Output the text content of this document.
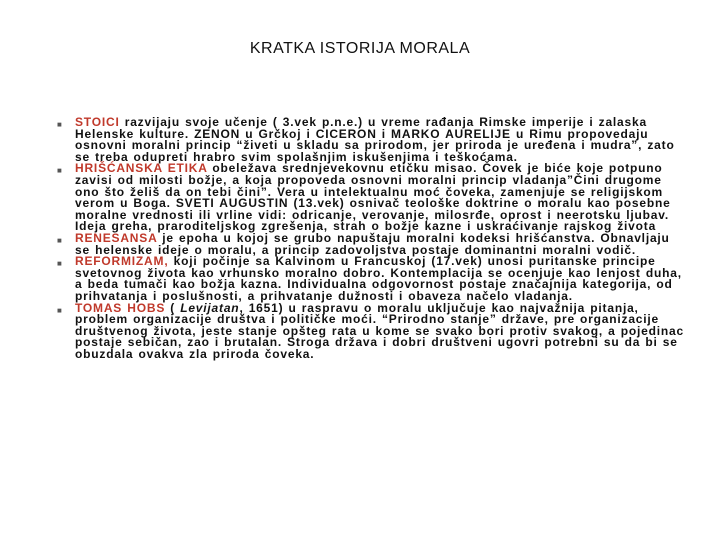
KRATKA ISTORIJA MORALA
■ STOICI razvijaju svoje učenje ( 3.vek p.n.e.) u vreme rađanja Rimske imperije i zalaska Helenske kulture. ZENON u Grčkoj i CICERON i MARKO AURELIJE u Rimu propovedaju osnovni moralni princip “živeti u skladu sa prirodom, jer priroda je uređena i mudra”, zato se treba odupreti hrabro svim spolašnjim iskušenjima i teškoćama.
■ HRIŠĆANSKA ETIKA obeležava srednjevekovnu etičku misao. Čovek je biće koje potpuno zavisi od milosti božje, a koja propoveda osnovni moralni princip vladanja”Čini drugome ono što želiš da on tebi čini”. Vera u intelektualnu moć čoveka, zamenjuje se religijskom verom u Boga. SVETI AUGUSTIN (13.vek) osnivač teološke doktrine o moralu kao posebne moralne vrednosti ili vrline vidi: odricanje, verovanje, milosrđe, oprost i neerotsku ljubav. Ideja greha, praroditeljskog zgrešenja, strah o božje kazne i uskraćivanje rajskog života
■ RENESANSA je epoha u kojoj se grubo napuštaju moralni kodeksi hrišćanstva. Obnavljaju se helenske ideje o moralu, a princip zadovoljstva postaje dominantni moralni vodič.
■ REFORMIZAM, koji počinje sa Kalvinom u Francuskoj (17.vek) unosi puritanske principe svetovnog života kao vrhunsko moralno dobro. Kontemplacija se ocenjuje kao lenjost duha, a beda tumači kao božja kazna. Individualna odgovornost postaje značajnija kategorija, od prihvatanja i poslušnosti, a prihvatanje dužnosti i obaveza načelo vladanja.
■ TOMAS HOBS ( Levijatan, 1651) u raspravu o moralu uključuje kao najvažnija pitanja, problem organizacije društva i političke moći. “Prirodno stanje” države, pre organizacije društvenog života, jeste stanje opšteg rata u kome se svako bori protiv svakog, a pojedinac postaje sebičan, zao i brutalan. Stroga država i dobri društveni ugovri potrebni su da bi se obuzdala ovakva zla priroda čoveka.
